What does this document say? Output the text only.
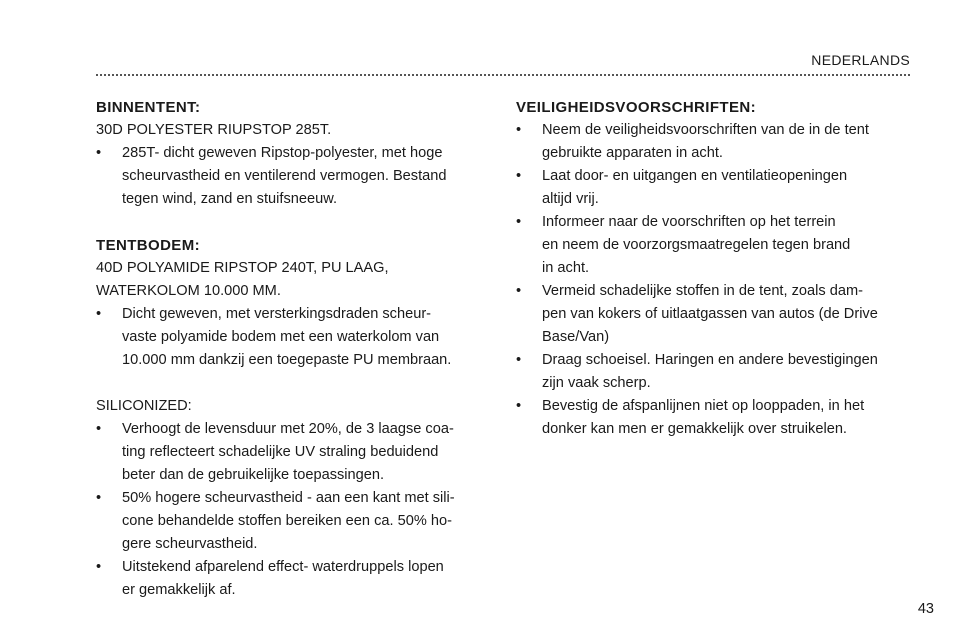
NEDERLANDS

BINNENTENT:

30D POLYESTER RIUPSTOP 285T.

• 285T- dicht geweven Ripstop-polyester, met hoge
scheurvastheid en ventilerend vermogen. Bestand
tegen wind, zand en stuifsneeuw.

TENTBODEM:

40D POLYAMIDE RIPSTOP 240T, PU LAAG,

WATERKOLOM 10.000 MM.

• Dicht geweven, met versterkingsdraden scheur-
vaste polyamide bodem met een waterkolom van
10.000 mm dankzij een toegepaste PU membraan.

SILICONIZED:

• Verhoogt de levensduur met 20%, de 3 laagse coa-
ting reflecteert schadelijke UV straling beduidend
beter dan de gebruikelijke toepassingen.
• 50% hogere scheurvastheid - aan een kant met sili-
cone behandelde stoffen bereiken een ca. 50% ho-
gere scheurvastheid.
• Uitstekend afparelend effect- waterdruppels lopen
er gemakkelijk af.

VEILIGHEIDSVOORSCHRIFTEN:

• Neem de veiligheidsvoorschriften van de in de tent
gebruikte apparaten in acht.
• Laat door- en uitgangen en ventilatieopeningen
altijd vrij.
• Informeer naar de voorschriften op het terrein
en neem de voorzorgsmaatregelen tegen brand
in acht.
• Vermeid schadelijke stoffen in de tent, zoals dam-
pen van kokers of uitlaatgassen van autos (de Drive
Base/Van)
• Draag schoeisel. Haringen en andere bevestigingen
zijn vaak scherp.
• Bevestig de afspanlijnen niet op looppaden, in het
donker kan men er gemakkelijk over struikelen.
43
